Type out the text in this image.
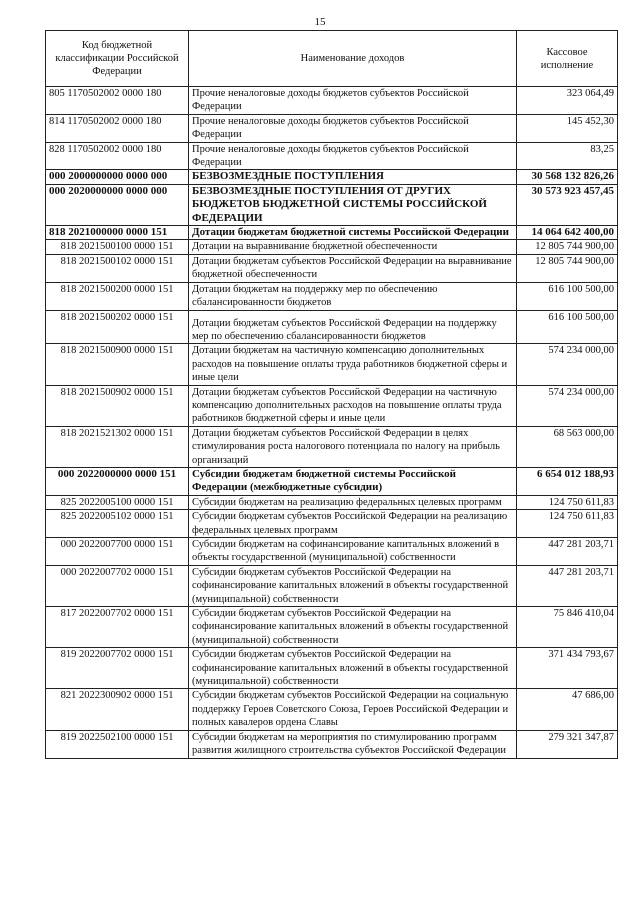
15
Код бюджетной классификации Российской Федерации	Наименование доходов	Кассовое исполнение
805 1170502002 0000 180	Прочие неналоговые доходы бюджетов субъектов Российской Федерации	323 064,49
814 1170502002 0000 180	Прочие неналоговые доходы бюджетов субъектов Российской Федерации	145 452,30
828 1170502002 0000 180	Прочие неналоговые доходы бюджетов субъектов Российской Федерации	83,25
000 2000000000 0000 000	БЕЗВОЗМЕЗДНЫЕ ПОСТУПЛЕНИЯ	30 568 132 826,26
000 2020000000 0000 000	БЕЗВОЗМЕЗДНЫЕ ПОСТУПЛЕНИЯ ОТ ДРУГИХ БЮДЖЕТОВ БЮДЖЕТНОЙ СИСТЕМЫ РОССИЙСКОЙ ФЕДЕРАЦИИ	30 573 923 457,45
818 2021000000 0000 151	Дотации бюджетам бюджетной системы Российской Федерации	14 064 642 400,00
818 2021500100 0000 151	Дотации на выравнивание бюджетной обеспеченности	12 805 744 900,00
818 2021500102 0000 151	Дотации бюджетам субъектов Российской Федерации на выравнивание бюджетной обеспеченности	12 805 744 900,00
818 2021500200 0000 151	Дотации бюджетам на поддержку мер по обеспечению сбалансированности бюджетов	616 100 500,00
818 2021500202 0000 151	Дотации бюджетам субъектов Российской Федерации на поддержку мер по обеспечению сбалансированности бюджетов	616 100 500,00
818 2021500900 0000 151	Дотации бюджетам на частичную компенсацию дополнительных расходов на повышение оплаты труда работников бюджетной сферы и иные цели	574 234 000,00
818 2021500902 0000 151	Дотации бюджетам субъектов Российской Федерации на частичную компенсацию дополнительных расходов на повышение оплаты труда работников бюджетной сферы и иные цели	574 234 000,00
818 2021521302 0000 151	Дотации бюджетам субъектов Российской Федерации в целях стимулирования роста налогового потенциала по налогу на прибыль организаций	68 563 000,00
000 2022000000 0000 151	Субсидии бюджетам бюджетной системы Российской Федерации (межбюджетные субсидии)	6 654 012 188,93
825 2022005100 0000 151	Субсидии бюджетам на реализацию федеральных целевых программ	124 750 611,83
825 2022005102 0000 151	Субсидии бюджетам субъектов Российской Федерации на реализацию федеральных целевых программ	124 750 611,83
000 2022007700 0000 151	Субсидии бюджетам на софинансирование капитальных вложений в объекты государственной (муниципальной) собственности	447 281 203,71
000 2022007702 0000 151	Субсидии бюджетам субъектов Российской Федерации на софинансирование капитальных вложений в объекты государственной (муниципальной) собственности	447 281 203,71
817 2022007702 0000 151	Субсидии бюджетам субъектов Российской Федерации на софинансирование капитальных вложений в объекты государственной (муниципальной) собственности	75 846 410,04
819 2022007702 0000 151	Субсидии бюджетам субъектов Российской Федерации на софинансирование капитальных вложений в объекты государственной (муниципальной) собственности	371 434 793,67
821 2022300902 0000 151	Субсидии бюджетам субъектов Российской Федерации на социальную поддержку Героев Советского Союза, Героев Российской Федерации и полных кавалеров ордена Славы	47 686,00
819 2022502100 0000 151	Субсидии бюджетам на мероприятия по стимулированию программ развития жилищного строительства субъектов Российской Федерации	279 321 347,87
